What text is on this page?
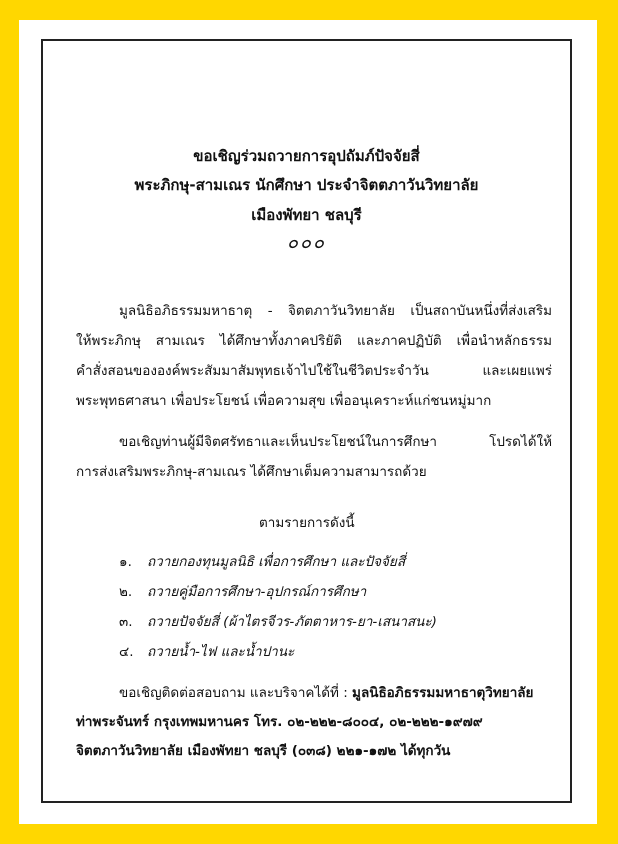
ขอเชิญร่วมถวายการอุปถัมภ์ปัจจัยสี่
พระภิกษุ-สามเณร นักศึกษา ประจำจิตตภาวันวิทยาลัย
เมืองพัทยา ชลบุรี
๐๐๐
มูลนิธิอภิธรรมมหาธาตุ - จิตตภาวันวิทยาลัย เป็นสถาบันหนึ่งที่ส่งเสริม
ให้พระภิกษุ สามเณร ได้ศึกษาทั้งภาคปริยัติ และภาคปฏิบัติ เพื่อนำหลักธรรม
คำสั่งสอนขององค์พระสัมมาสัมพุทธเจ้าไปใช้ในชีวิตประจำวัน และเผยแพร่
พระพุทธศาสนา เพื่อประโยชน์ เพื่อความสุข เพื่ออนุเคราะห์แก่ชนหมู่มาก
ขอเชิญท่านผู้มีจิตศรัทธาและเห็นประโยชน์ในการศึกษา โปรดได้ให้
การส่งเสริมพระภิกษุ-สามเณร ได้ศึกษาเต็มความสามารถด้วย
ตามรายการดังนี้
๑. ถวายกองทุนมูลนิธิ เพื่อการศึกษา และปัจจัยสี่
๒. ถวายคู่มือการศึกษา-อุปกรณ์การศึกษา
๓. ถวายปัจจัยสี่ (ผ้าไตรจีวร-ภัตตาหาร-ยา-เสนาสนะ)
๔. ถวายน้ำ-ไฟ และน้ำปานะ
ขอเชิญติดต่อสอบถาม และบริจาคได้ที่ : มูลนิธิอภิธรรมมหาธาตุวิทยาลัย
ท่าพระจันทร์ กรุงเทพมหานคร โทร. ๐๒-๒๒๒-๘๐๐๔, ๐๒-๒๒๒-๑๙๗๙
จิตตภาวันวิทยาลัย เมืองพัทยา ชลบุรี (๐๓๘) ๒๒๑-๑๗๒ ได้ทุกวัน
